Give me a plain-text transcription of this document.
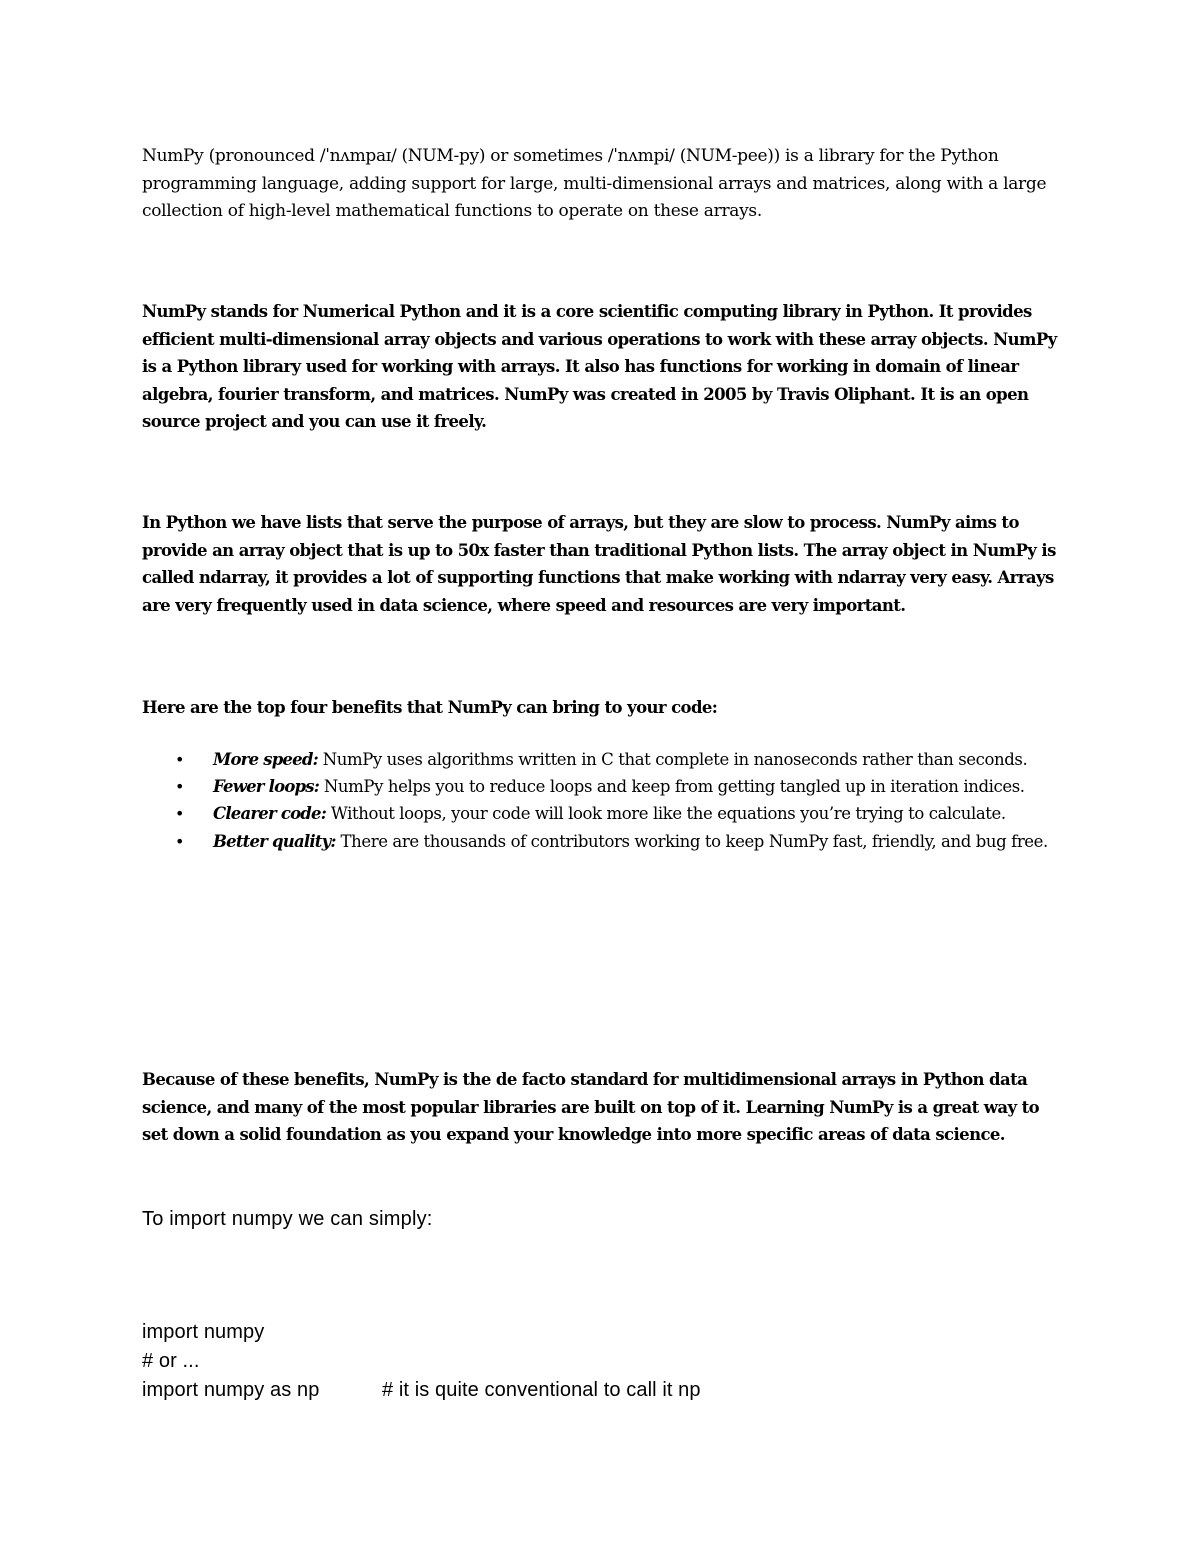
NumPy (pronounced /ˈnʌmpaɪ/ (NUM-py) or sometimes /ˈnʌmpi/ (NUM-pee)) is a library for the Python programming language, adding support for large, multi-dimensional arrays and matrices, along with a large collection of high-level mathematical functions to operate on these arrays.

NumPy stands for Numerical Python and it is a core scientific computing library in Python. It provides efficient multi-dimensional array objects and various operations to work with these array objects. NumPy is a Python library used for working with arrays. It also has functions for working in domain of linear algebra, fourier transform, and matrices. NumPy was created in 2005 by Travis Oliphant. It is an open source project and you can use it freely.

In Python we have lists that serve the purpose of arrays, but they are slow to process. NumPy aims to provide an array object that is up to 50x faster than traditional Python lists. The array object in NumPy is called ndarray, it provides a lot of supporting functions that make working with ndarray very easy. Arrays are very frequently used in data science, where speed and resources are very important.

Here are the top four benefits that NumPy can bring to your code:

• More speed: NumPy uses algorithms written in C that complete in nanoseconds rather than seconds.
• Fewer loops: NumPy helps you to reduce loops and keep from getting tangled up in iteration indices.
• Clearer code: Without loops, your code will look more like the equations you’re trying to calculate.
• Better quality: There are thousands of contributors working to keep NumPy fast, friendly, and bug free.

Because of these benefits, NumPy is the de facto standard for multidimensional arrays in Python data science, and many of the most popular libraries are built on top of it. Learning NumPy is a great way to set down a solid foundation as you expand your knowledge into more specific areas of data science.

To import numpy we can simply:

import numpy

# or ...

import numpy as np	# it is quite conventional to call it np
